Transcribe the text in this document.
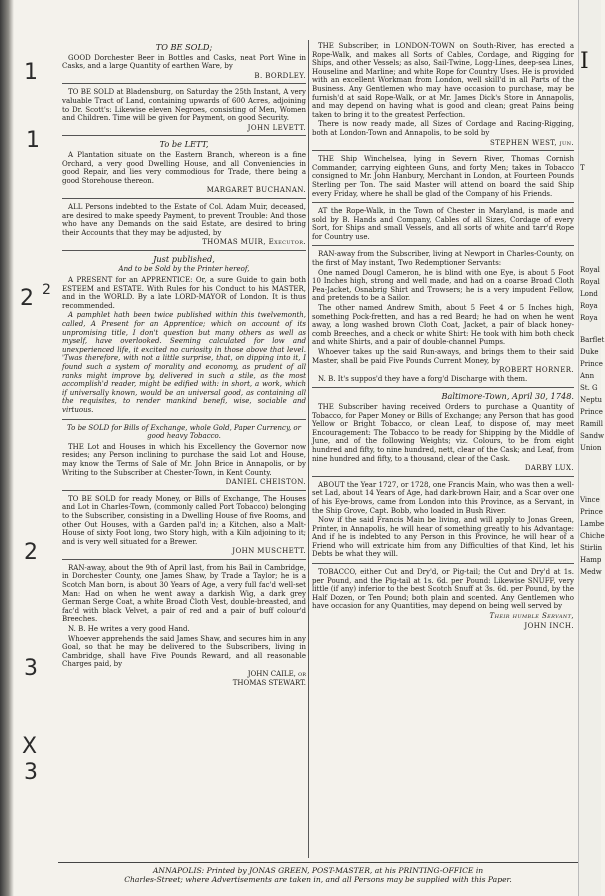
1
1
2 2
2
3
X
3
TO BE SOLD;

GOOD Dorchester Beer in Bottles and Casks, neat Port Wine in Casks, and a large Quantity of earthen Ware, by

B. BORDLEY.

TO BE SOLD at Bladensburg, on Saturday the 25th Instant, A very valuable Tract of Land, containing upwards of 600 Acres, adjoining to Dr. Scott's: Likewise eleven Negroes, consisting of Men, Women and Children. Time will be given for Payment, on good Security.

JOHN LEVETT.
To be LETT,

A Plantation situate on the Eastern Branch, whereon is a fine Orchard, a very good Dwelling House, and all Conveniencies in good Repair, and lies very commodious for Trade, there being a good Storehouse thereon.

MARGARET BUCHANAN.

ALL Persons indebted to the Estate of Col. Adam Muir, deceased, are desired to make speedy Payment, to prevent Trouble: And those who have any Demands on the said Estate, are desired to bring their Accounts that they may be adjusted, by

THOMAS MUIR, Executor.
Just published,
And to be Sold by the Printer hereof,

A PRESENT for an APPRENTICE: Or, a sure Guide to gain both ESTEEM and ESTATE. With Rules for his Conduct to his MASTER, and in the WORLD. By a late LORD-MAYOR of London. It is thus recommended.

A pamphlet hath been twice published within this twelvemonth, called, A Present for an Apprentice; which on account of its unpromising title, I don't question but many others as well as myself, have overlooked. Seeming calculated for low and unexperienced life, it excited no curiosity in those above that level. 'Twas therefore, with not a little surprise, that, on dipping into it, I found such a system of morality and economy, as prudent of all ranks might improve by, delivered in such a stile, as the most accomplish'd reader, might be edified with: in short, a work, which if universally known, would be an universal good, as containing all the requisites, to render mankind benefi, wise, sociable and virtuous.

To be SOLD for Bills of Exchange, whole Gold, Paper Currency, or good heavy Tobacco.

THE Lot and Houses in which his Excellency the Governor now resides; any Person inclining to purchase the said Lot and House, may know the Terms of Sale of Mr. John Brice in Annapolis, or by Writing to the Subscriber at Chester-Town, in Kent County.

DANIEL CHEISTON.

TO BE SOLD for ready Money, or Bills of Exchange, The Houses and Lot in Charles-Town, (commonly called Port Tobacco) belonging to the Subscriber, consisting in a Dwelling House of five Rooms, and other Out Houses, with a Garden pal'd in; a Kitchen, also a Malt-House of sixty Foot long, two Story high, with a Kiln adjoining to it; and is very well situated for a Brewer.

JOHN MUSCHETT.

RAN-away, about the 9th of April last, from his Bail in Cambridge, in Dorchester County, one James Shaw, by Trade a Taylor; he is a Scotch Man born, is about 30 Years of Age, a very full fac'd well-set Man: Had on when he went away a darkish Wig, a dark grey German Serge Coat, a white Broad Cloth Vest, double-breasted, and fac'd with black Velvet, a pair of red and a pair of buff colour'd Breeches.

N. B. He writes a very good Hand.

Whoever apprehends the said James Shaw, and secures him in any Goal, so that he may be delivered to the Subscribers, living in Cambridge, shall have Five Pounds Reward, and all reasonable Charges paid, by

JOHN CAILE, or
THOMAS STEWART.

THE Subscriber, in LONDON-TOWN on South-River, has erected a Rope-Walk, and makes all Sorts of Cables, Cordage, and Rigging for Ships, and other Vessels; as also, Sail-Twine, Logg-Lines, deep-sea Lines, Houseline and Marline; and white Rope for Country Uses. He is provided with an excellent Workman from London, well skill'd in all Parts of the Business. Any Gentlemen who may have occasion to purchase, may be furnish'd at said Rope-Walk, or at Mr. James Dick's Store in Annapolis, and may depend on having what is good and clean; great Pains being taken to bring it to the greatest Perfection.

There is now ready made, all Sizes of Cordage and Racing-Rigging, both at London-Town and Annapolis, to be sold by

STEPHEN WEST, jun.

THE Ship Winchelsea, lying in Severn River, Thomas Cornish Commander, carrying eighteen Guns, and forty Men; takes in Tobacco consigned to Mr. John Hanbury, Merchant in London, at Fourteen Pounds Sterling per Ton. The said Master will attend on board the said Ship every Friday, where he shall be glad of the Company of his Friends.

AT the Rope-Walk, in the Town of Chester in Maryland, is made and sold by B. Hands and Company, Cables of all Sizes, Cordage of every Sort, for Ships and small Vessels, and all sorts of white and tarr'd Rope for Country use.

RAN-away from the Subscriber, living at Newport in Charles-County, on the first of May instant, Two Redemptioner Servants:

One named Dougl Cameron, he is blind with one Eye, is about 5 Foot 10 Inches high, strong and well made, and had on a coarse Broad Cloth Pea-Jacket, Osnabrig Shirt and Trowsers; he is a very impudent Fellow, and pretends to be a Sailor.

The other named Andrew Smith, about 5 Feet 4 or 5 Inches high, something Pock-fretten, and has a red Beard; he had on when he went away, a long washed brown Cloth Coat, Jacket, a pair of black honey-comb Breeches, and a check or white Shirt: He took with him both check and white Shirts, and a pair of double-channel Pumps.

Whoever takes up the said Run-aways, and brings them to their said Master, shall be paid Five Pounds Current Money, by

ROBERT HORNER.

N. B. It's suppos'd they have a forg'd Discharge with them.

Baltimore-Town, April 30, 1748.

THE Subscriber having received Orders to purchase a Quantity of Tobacco, for Paper Money or Bills of Exchange; any Person that has good Yellow or Bright Tobacco, or clean Leaf, to dispose of, may meet Encouragement: The Tobacco to be ready for Shipping by the Middle of June, and of the following Weights; viz. Colours, to be from eight hundred and fifty, to nine hundred, nett, clear of the Cask; and Leaf, from nine hundred and fifty, to a thousand, clear of the Cask.

DARBY LUX.

ABOUT the Year 1727, or 1728, one Francis Main, who was then a well-set Lad, about 14 Years of Age, had dark-brown Hair, and a Scar over one of his Eye-brows, came from London into this Province, as a Servant, in the Ship Grove, Capt. Bobb, who loaded in Bush River.

Now if the said Francis Main be living, and will apply to Jonas Green, Printer, in Annapolis, he will hear of something greatly to his Advantage: And if he is indebted to any Person in this Province, he will hear of a Friend who will extricate him from any Difficulties of that Kind, let his Debts be what they will.

TOBACCO, either Cut and Dry'd, or Pig-tail; the Cut and Dry'd at 1s. per Pound, and the Pig-tail at 1s. 6d. per Pound: Likewise SNUFF, very little (if any) inferior to the best Scotch Snuff at 3s. 6d. per Pound, by the Half Dozen, or Ten Pound; both plain and scented. Any Gentlemen who have occasion for any Quantities, may depend on being well served by

Their humble Servant,
JOHN INCH.
I
T
Royal
Royal
Lond
Roya
Roya
Barflet
Duke
Prince
Ann
St. G
Neptu
Prince
Ramill
Sandw
Union
Vince
Prince
Lambe
Chiche
Stirlin
Hamp
Medw
ANNAPOLIS: Printed by JONAS GREEN, POST-MASTER, at his PRINTING-OFFICE in
Charles-Street; where Advertisements are taken in, and all Persons may be supplied with this Paper.
